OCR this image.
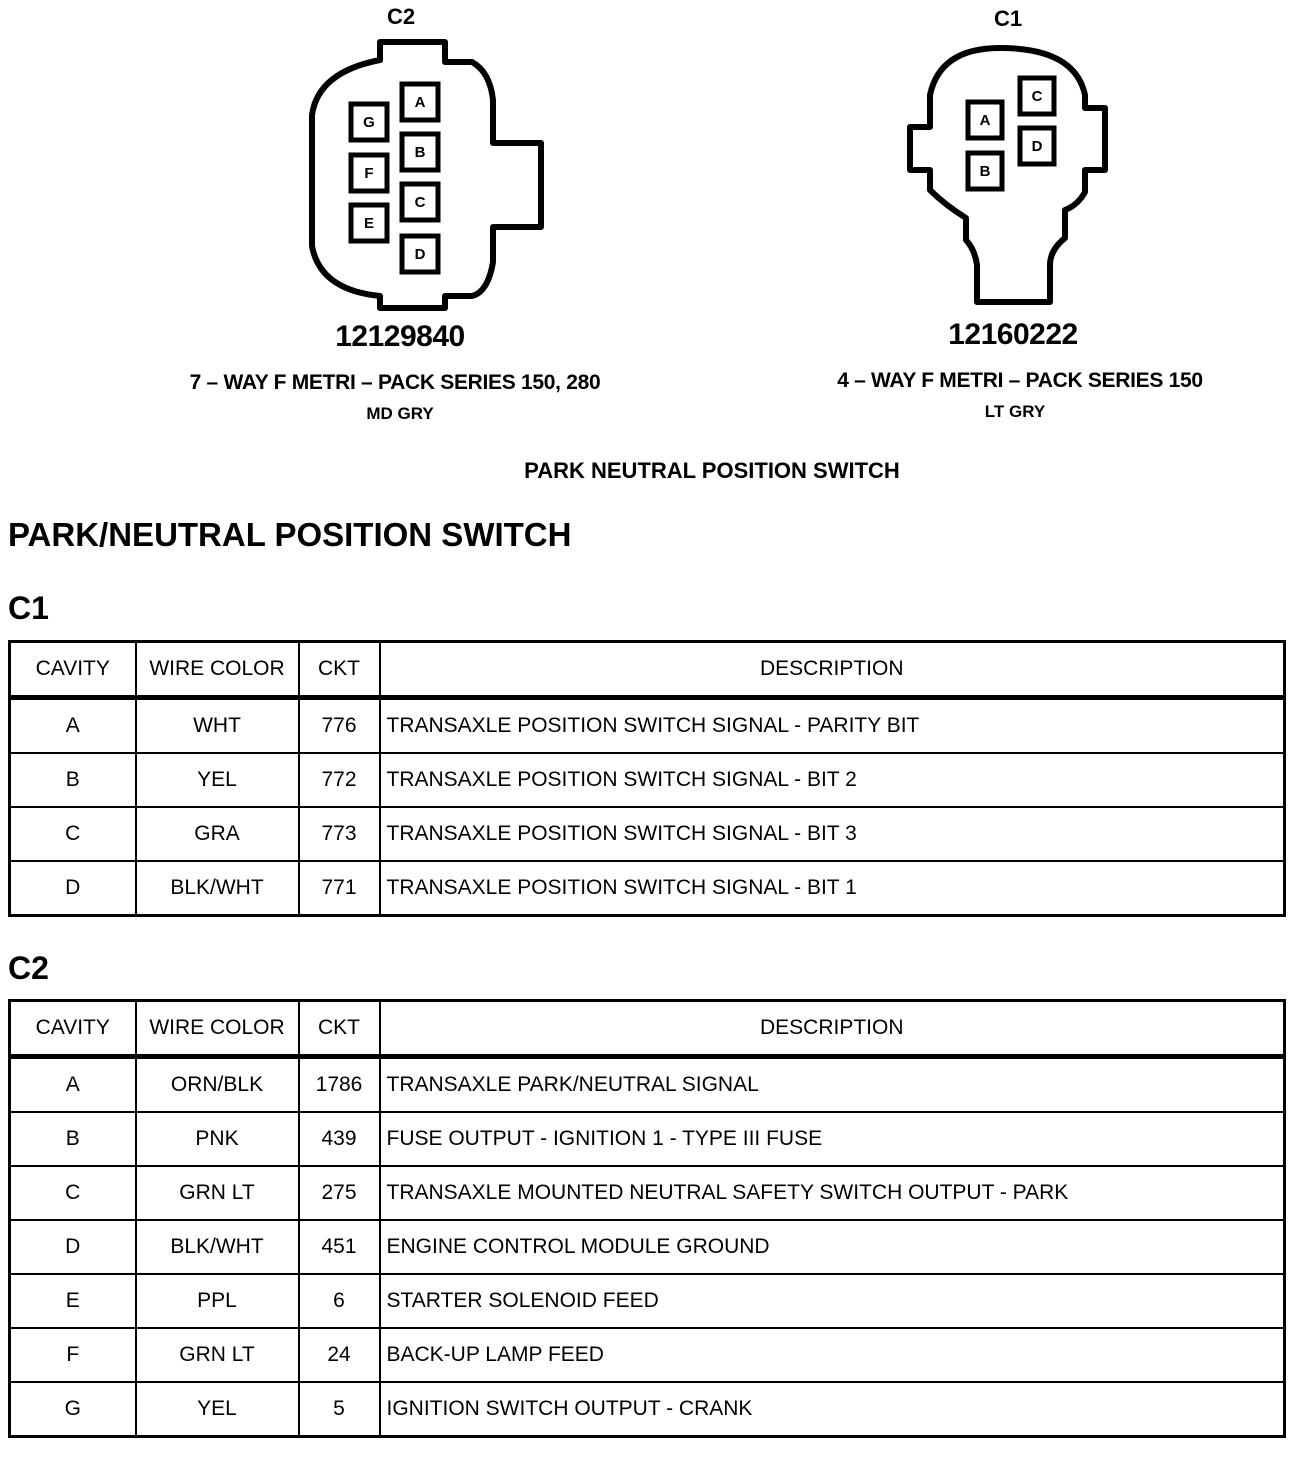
A
B
C
D
E
F
G	A
B
C
D
C2	C1
12129840	12160222
7 – WAY F METRI – PACK SERIES 150, 280	4 – WAY F METRI – PACK SERIES 150
MD GRY	LT GRY
PARK NEUTRAL POSITION SWITCH
PARK/NEUTRAL POSITION SWITCH
C1
CAVITY	WIRE COLOR	CKT	DESCRIPTION
A	WHT	776	TRANSAXLE POSITION SWITCH SIGNAL - PARITY BIT
B	YEL	772	TRANSAXLE POSITION SWITCH SIGNAL - BIT 2
C	GRA	773	TRANSAXLE POSITION SWITCH SIGNAL - BIT 3
D	BLK/WHT	771	TRANSAXLE POSITION SWITCH SIGNAL - BIT 1
C2
CAVITY	WIRE COLOR	CKT	DESCRIPTION
A	ORN/BLK	1786	TRANSAXLE PARK/NEUTRAL SIGNAL
B	PNK	439	FUSE OUTPUT - IGNITION 1 - TYPE III FUSE
C	GRN LT	275	TRANSAXLE MOUNTED NEUTRAL SAFETY SWITCH OUTPUT - PARK
D	BLK/WHT	451	ENGINE CONTROL MODULE GROUND
E	PPL	6	STARTER SOLENOID FEED
F	GRN LT	24	BACK-UP LAMP FEED
G	YEL	5	IGNITION SWITCH OUTPUT - CRANK
